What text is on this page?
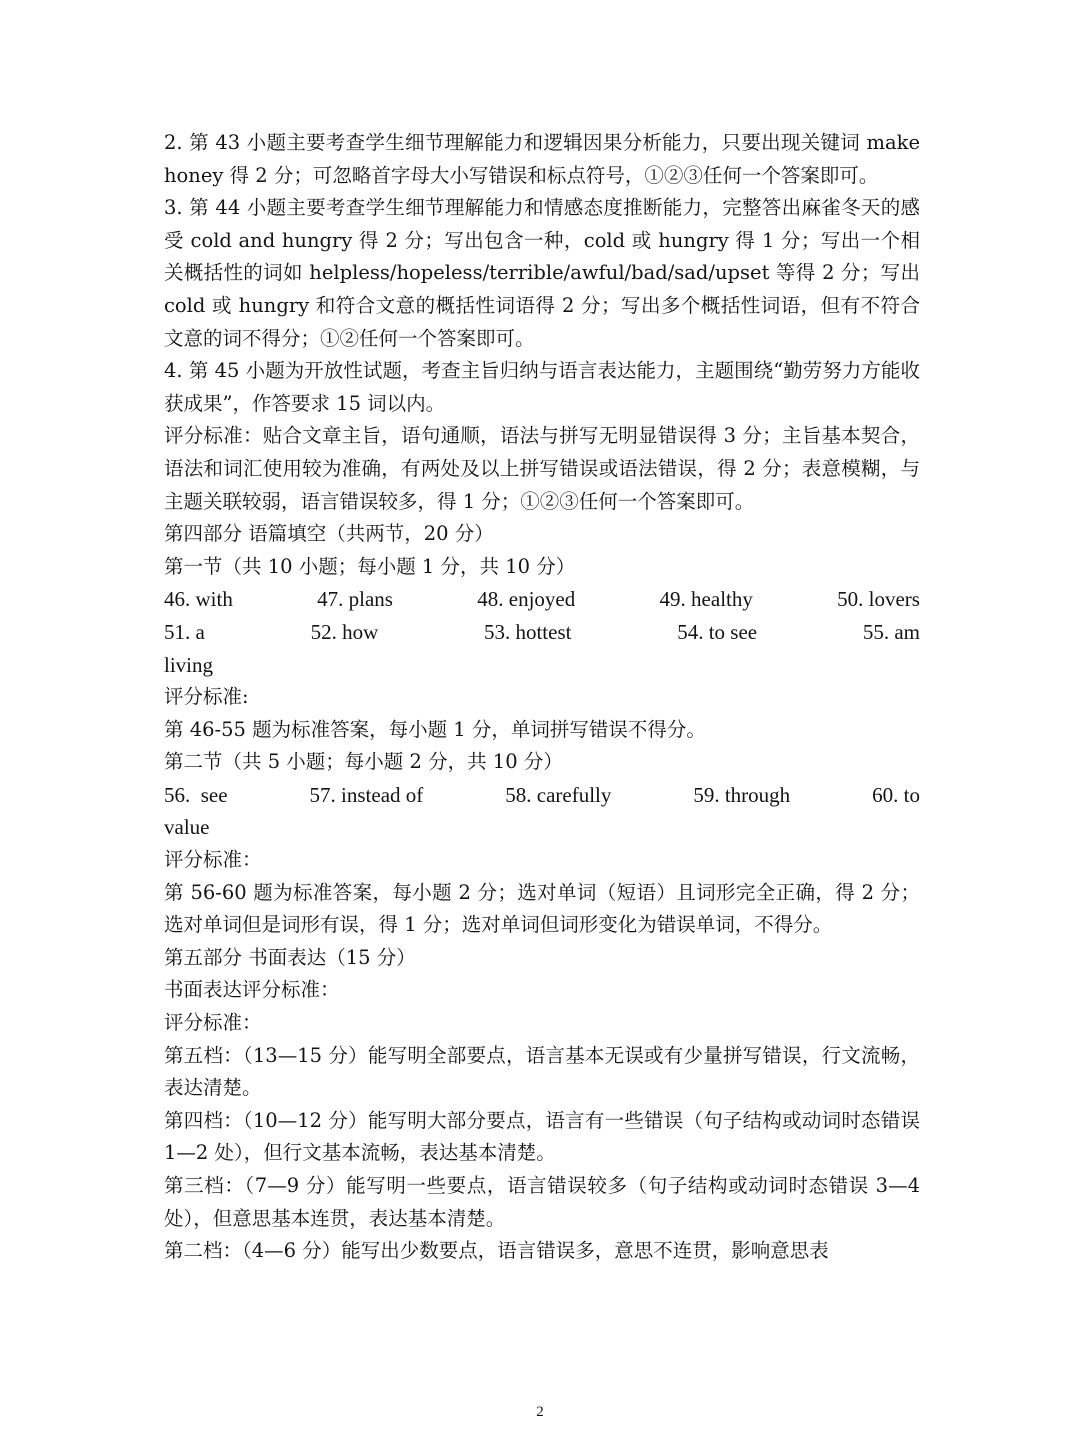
2. 第 43 小题主要考查学生细节理解能力和逻辑因果分析能力，只要出现关键词 make honey 得 2 分；可忽略首字母大小写错误和标点符号，①②③任何一个答案即可。

3. 第 44 小题主要考查学生细节理解能力和情感态度推断能力，完整答出麻雀冬天的感受 cold and hungry 得 2 分；写出包含一种，cold 或 hungry 得 1 分；写出一个相关概括性的词如 helpless/hopeless/terrible/awful/bad/sad/upset 等得 2 分；写出 cold 或 hungry 和符合文意的概括性词语得 2 分；写出多个概括性词语，但有不符合文意的词不得分；①②任何一个答案即可。

4. 第 45 小题为开放性试题，考查主旨归纳与语言表达能力，主题围绕“勤劳努力方能收获成果”，作答要求 15 词以内。

评分标准：贴合文章主旨，语句通顺，语法与拼写无明显错误得 3 分；主旨基本契合，语法和词汇使用较为准确，有两处及以上拼写错误或语法错误，得 2 分；表意模糊，与主题关联较弱，语言错误较多，得 1 分；①②③任何一个答案即可。

第四部分 语篇填空（共两节，20 分）

第一节（共 10 小题；每小题 1 分，共 10 分）

46. with	47. plans	48. enjoyed	49. healthy	50. lovers
51. a	52. how	53. hottest	54. to see	55. am

living

评分标准:

第 46-55 题为标准答案，每小题 1 分，单词拼写错误不得分。

第二节（共 5 小题；每小题 2 分，共 10 分）

56.  see	57. instead of	58. carefully	59. through	60. to

value

评分标准：

第 56-60 题为标准答案，每小题 2 分；选对单词（短语）且词形完全正确，得 2 分；选对单词但是词形有误，得 1 分；选对单词但词形变化为错误单词，不得分。

第五部分 书面表达（15 分）

书面表达评分标准：

评分标准：

第五档：（13—15 分）能写明全部要点，语言基本无误或有少量拼写错误，行文流畅，表达清楚。

第四档：（10—12 分）能写明大部分要点，语言有一些错误（句子结构或动词时态错误 1—2 处），但行文基本流畅，表达基本清楚。

第三档：（7—9 分）能写明一些要点，语言错误较多（句子结构或动词时态错误 3—4 处），但意思基本连贯，表达基本清楚。

第二档：（4—6 分）能写出少数要点，语言错误多，意思不连贯，影响意思表

2
